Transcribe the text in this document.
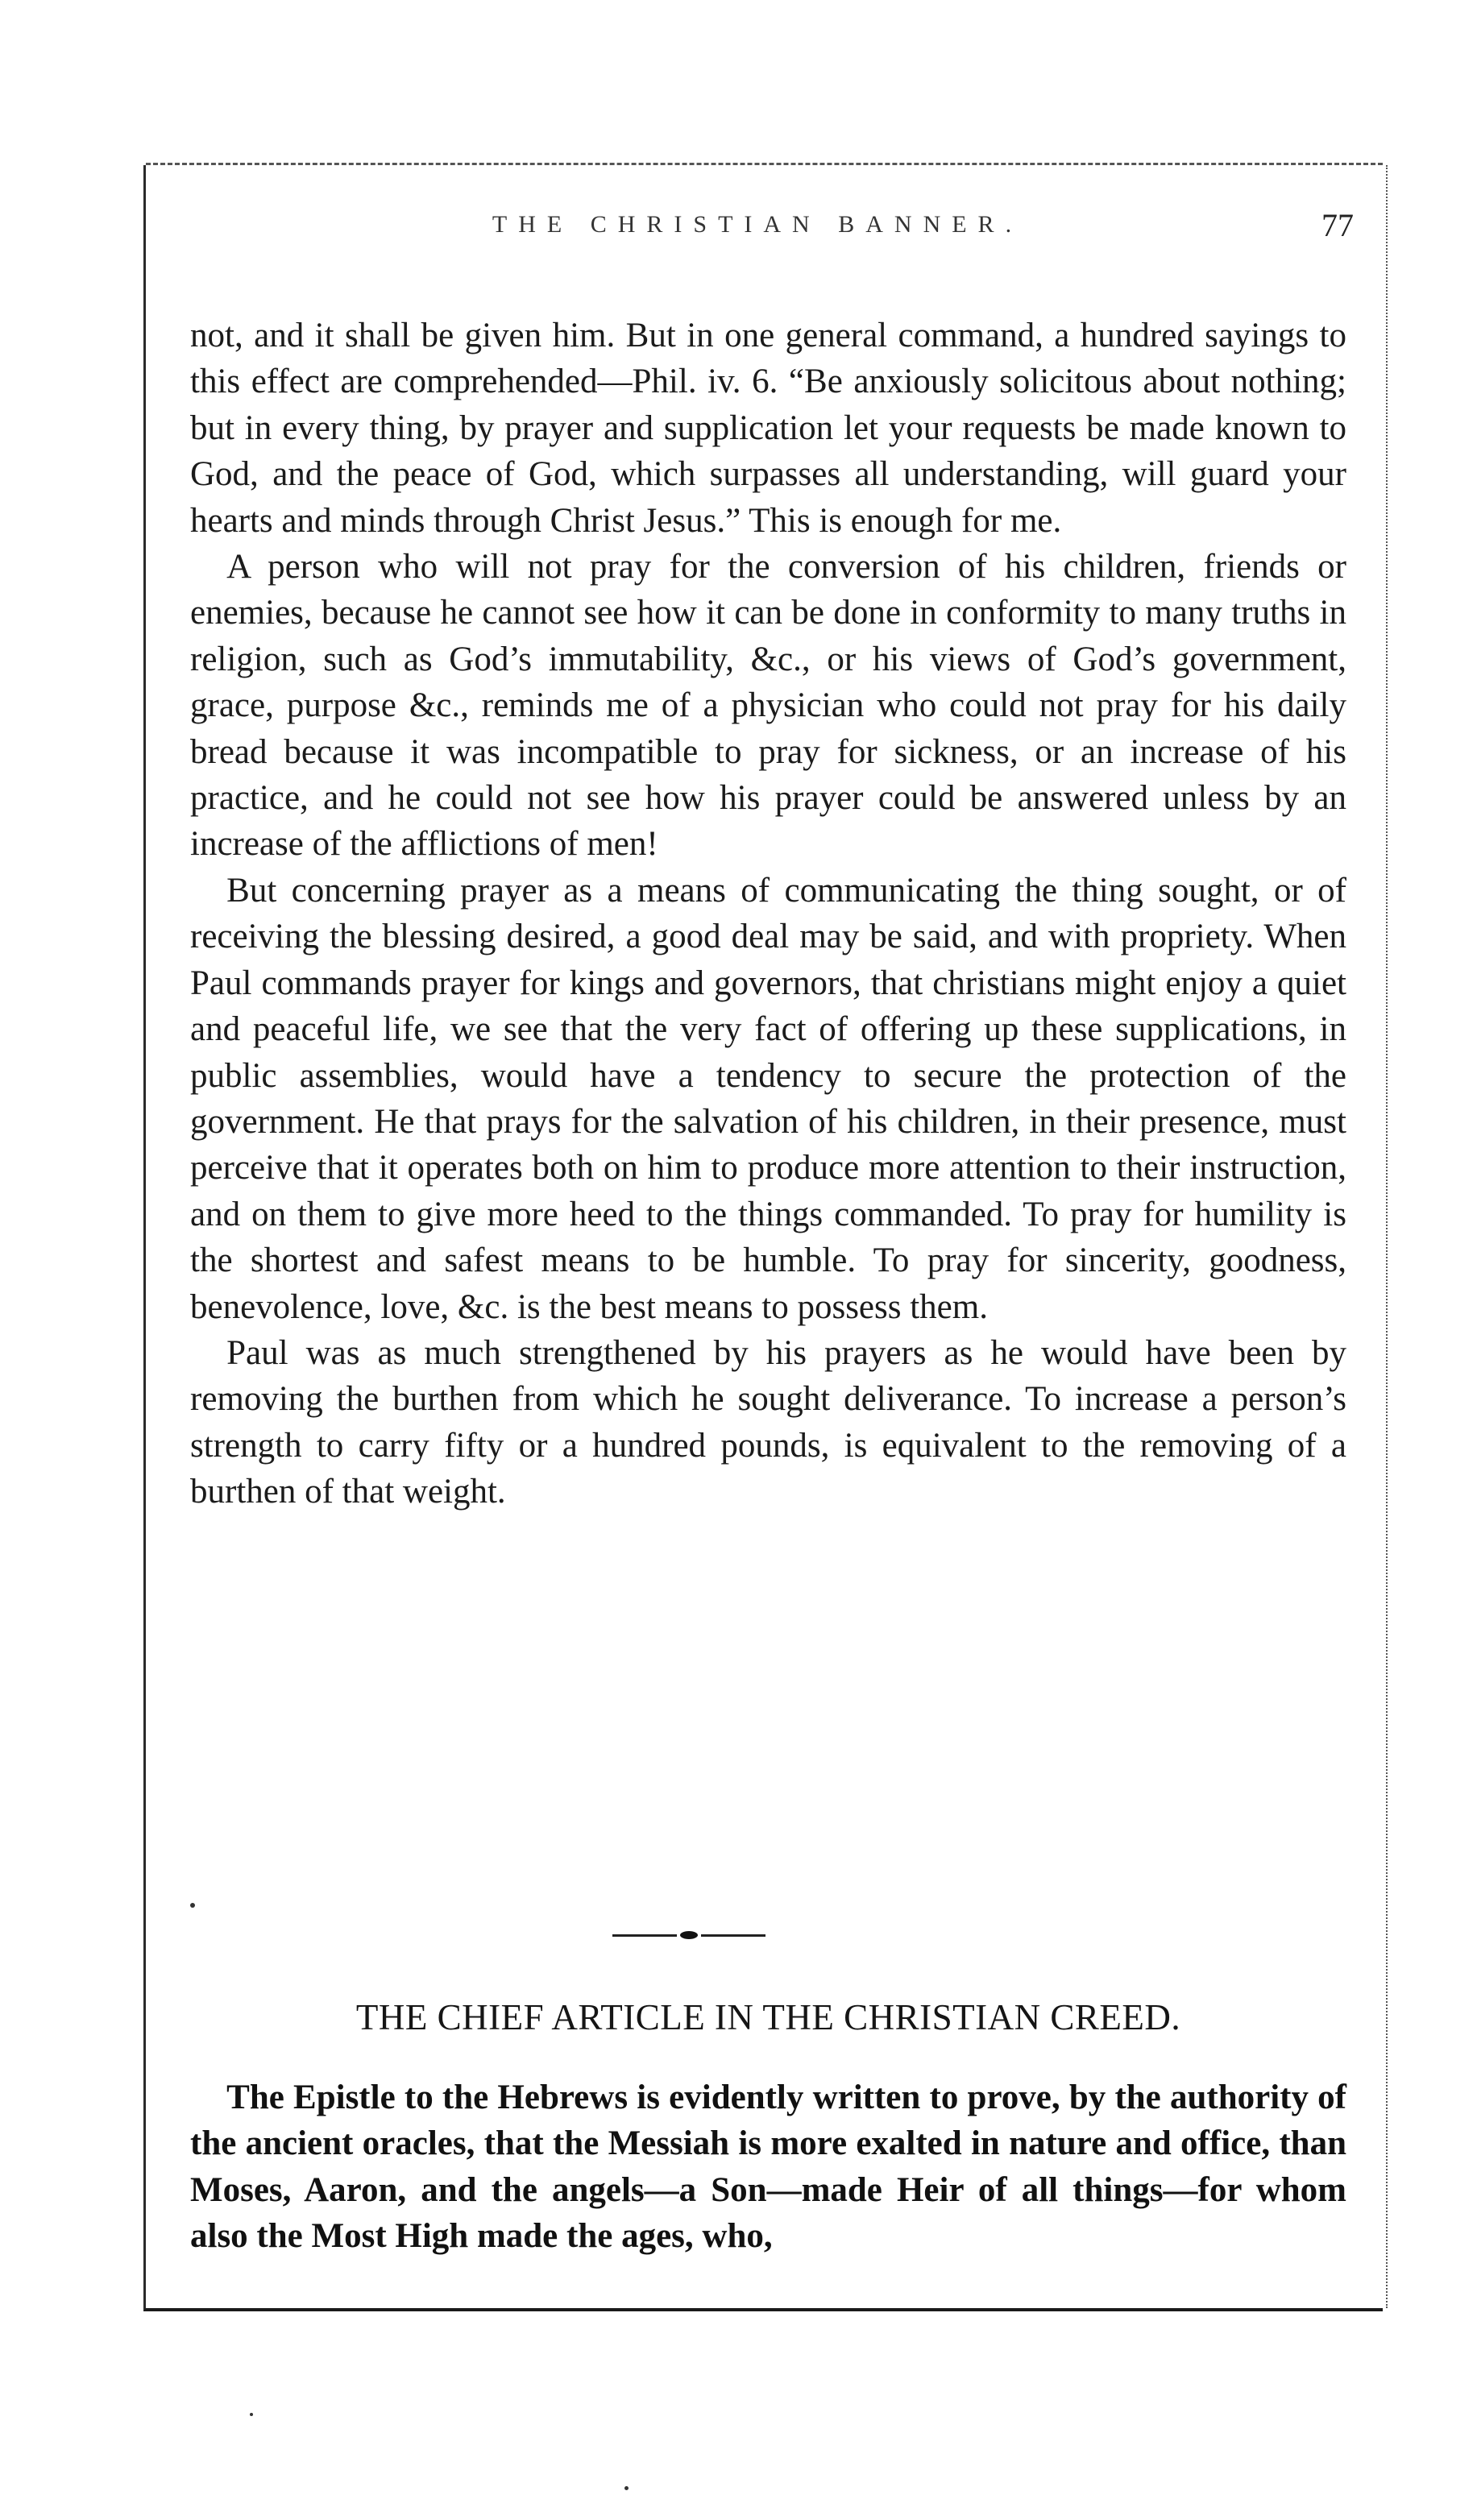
THE CHRISTIAN BANNER.	77

not, and it shall be given him. But in one general command, a hundred sayings to this effect are comprehended—Phil. iv. 6. “Be anxiously solicitous about nothing; but in every thing, by prayer and supplication let your requests be made known to God, and the peace of God, which surpasses all understanding, will guard your hearts and minds through Christ Jesus.” This is enough for me.

A person who will not pray for the conversion of his children, friends or enemies, because he cannot see how it can be done in conformity to many truths in religion, such as God’s immutability, &c., or his views of God’s government, grace, purpose &c., reminds me of a physician who could not pray for his daily bread because it was incompatible to pray for sickness, or an increase of his practice, and he could not see how his prayer could be answered unless by an increase of the afflictions of men!

But concerning prayer as a means of communicating the thing sought, or of receiving the blessing desired, a good deal may be said, and with propriety. When Paul commands prayer for kings and governors, that christians might enjoy a quiet and peaceful life, we see that the very fact of offering up these supplications, in public assemblies, would have a tendency to secure the protection of the government. He that prays for the salvation of his children, in their presence, must perceive that it operates both on him to produce more attention to their instruction, and on them to give more heed to the things commanded. To pray for humility is the shortest and safest means to be humble. To pray for sincerity, goodness, benevolence, love, &c. is the best means to possess them.

Paul was as much strengthened by his prayers as he would have been by removing the burthen from which he sought deliverance. To increase a person’s strength to carry fifty or a hundred pounds, is equivalent to the removing of a burthen of that weight.

THE CHIEF ARTICLE IN THE CHRISTIAN CREED.

The Epistle to the Hebrews is evidently written to prove, by the authority of the ancient oracles, that the Messiah is more exalted in nature and office, than Moses, Aaron, and the angels—a Son—made Heir of all things—for whom also the Most High made the ages, who,
